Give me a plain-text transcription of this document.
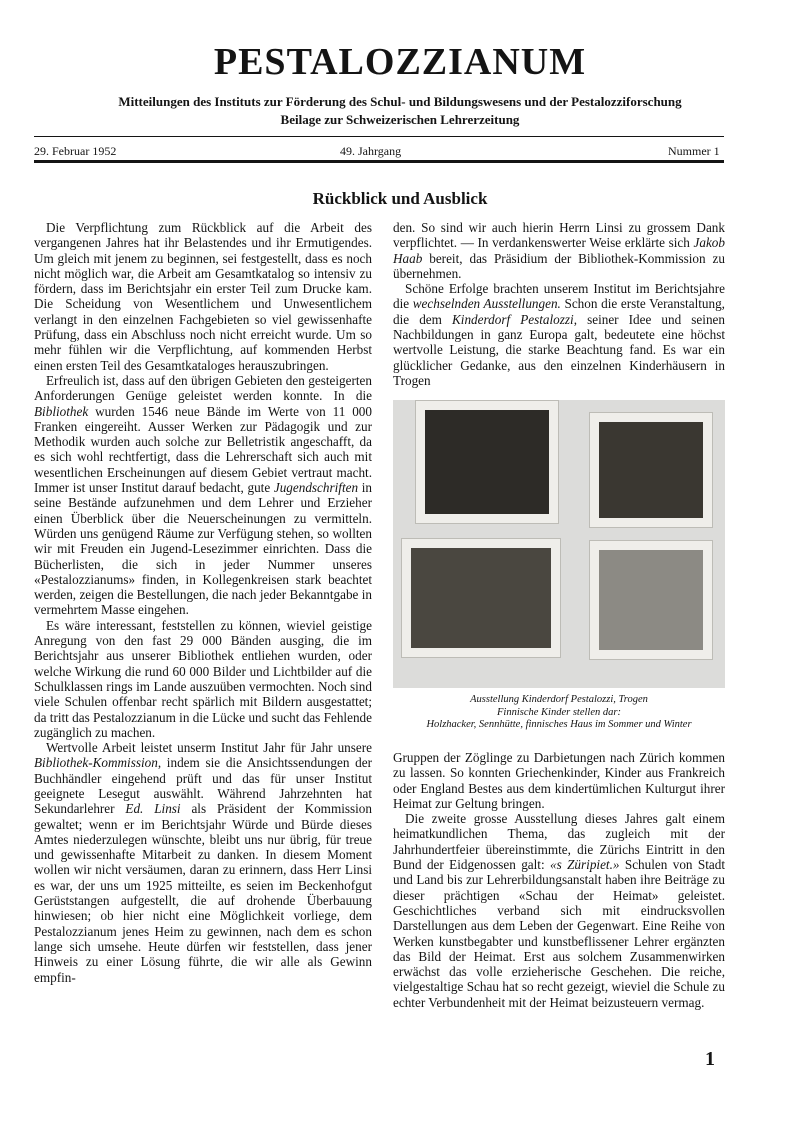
PESTALOZZIANUM
Mitteilungen des Instituts zur Förderung des Schul- und Bildungswesens und der Pestalozziforschung
Beilage zur Schweizerischen Lehrerzeitung
29. Februar 1952	49. Jahrgang	Nummer 1
Rückblick und Ausblick

Die Verpflichtung zum Rückblick auf die Arbeit des vergangenen Jahres hat ihr Belastendes und ihr Ermutigendes. Um gleich mit jenem zu beginnen, sei festgestellt, dass es noch nicht möglich war, die Arbeit am Gesamtkatalog so intensiv zu fördern, dass im Berichtsjahr ein erster Teil zum Drucke kam. Die Scheidung von Wesentlichem und Unwesentlichem verlangt in den einzelnen Fachgebieten so viel gewissenhafte Prüfung, dass ein Abschluss noch nicht erreicht wurde. Um so mehr fühlen wir die Verpflichtung, auf kommenden Herbst einen ersten Teil des Gesamtkataloges herauszubringen.

Erfreulich ist, dass auf den übrigen Gebieten den gesteigerten Anforderungen Genüge geleistet werden konnte. In die Bibliothek wurden 1546 neue Bände im Werte von 11 000 Franken eingereiht. Ausser Werken zur Pädagogik und zur Methodik wurden auch solche zur Belletristik angeschafft, da es sich wohl rechtfertigt, dass die Lehrerschaft sich auch mit wesentlichen Erscheinungen auf diesem Gebiet vertraut macht. Immer ist unser Institut darauf bedacht, gute Jugendschriften in seine Bestände aufzunehmen und dem Lehrer und Erzieher einen Überblick über die Neuerscheinungen zu vermitteln. Würden uns genügend Räume zur Verfügung stehen, so wollten wir mit Freuden ein Jugend-Lesezimmer einrichten. Dass die Bücherlisten, die sich in jeder Nummer unseres «Pestalozzianums» finden, in Kollegenkreisen stark beachtet werden, zeigen die Bestellungen, die nach jeder Bekanntgabe in vermehrtem Masse eingehen.

Es wäre interessant, feststellen zu können, wieviel geistige Anregung von den fast 29 000 Bänden ausging, die im Berichtsjahr aus unserer Bibliothek entliehen wurden, oder welche Wirkung die rund 60 000 Bilder und Lichtbilder auf die Schulklassen rings im Lande auszuüben vermochten. Noch sind viele Schulen offenbar recht spärlich mit Bildern ausgestattet; da tritt das Pestalozzianum in die Lücke und sucht das Fehlende zugänglich zu machen.

Wertvolle Arbeit leistet unserm Institut Jahr für Jahr unsere Bibliothek-Kommission, indem sie die Ansichtssendungen der Buchhändler eingehend prüft und das für unser Institut geeignete Lesegut auswählt. Während Jahrzehnten hat Sekundarlehrer Ed. Linsi als Präsident der Kommission gewaltet; wenn er im Berichtsjahr Würde und Bürde dieses Amtes niederzulegen wünschte, bleibt uns nur übrig, für treue und gewissenhafte Mitarbeit zu danken. In diesem Moment wollen wir nicht versäumen, daran zu erinnern, dass Herr Linsi es war, der uns um 1925 mitteilte, es seien im Beckenhofgut Gerüststangen aufgestellt, die auf drohende Überbauung hinwiesen; ob hier nicht eine Möglichkeit vorliege, dem Pestalozzianum jenes Heim zu gewinnen, nach dem es schon lange sich umsehe. Heute dürfen wir feststellen, dass jener Hinweis zu einer Lösung führte, die wir alle als Gewinn empfin-

den. So sind wir auch hierin Herrn Linsi zu grossem Dank verpflichtet. — In verdankenswerter Weise erklärte sich Jakob Haab bereit, das Präsidium der Bibliothek-Kommission zu übernehmen.

Schöne Erfolge brachten unserem Institut im Berichtsjahre die wechselnden Ausstellungen. Schon die erste Veranstaltung, die dem Kinderdorf Pestalozzi, seiner Idee und seinen Nachbildungen in ganz Europa galt, bedeutete eine höchst wertvolle Leistung, die starke Beachtung fand. Es war ein glücklicher Gedanke, aus den einzelnen Kinderhäusern in Trogen

Ausstellung Kinderdorf Pestalozzi, Trogen
Finnische Kinder stellen dar:
Holzhacker, Sennhütte, finnisches Haus im Sommer und Winter

Gruppen der Zöglinge zu Darbietungen nach Zürich kommen zu lassen. So konnten Griechenkinder, Kinder aus Frankreich oder England Bestes aus dem kindertümlichen Kulturgut ihrer Heimat zur Geltung bringen.

Die zweite grosse Ausstellung dieses Jahres galt einem heimatkundlichen Thema, das zugleich mit der Jahrhundertfeier übereinstimmte, die Zürichs Eintritt in den Bund der Eidgenossen galt: «s Züripiet.» Schulen von Stadt und Land bis zur Lehrerbildungsanstalt haben ihre Beiträge zu dieser prächtigen «Schau der Heimat» geleistet. Geschichtliches verband sich mit eindrucksvollen Darstellungen aus dem Leben der Gegenwart. Eine Reihe von Werken kunstbegabter und kunstbeflissener Lehrer ergänzten das Bild der Heimat. Erst aus solchem Zusammenwirken erwächst das volle erzieherische Geschehen. Die reiche, vielgestaltige Schau hat so recht gezeigt, wieviel die Schule zu echter Verbundenheit mit der Heimat beizusteuern vermag.

1
